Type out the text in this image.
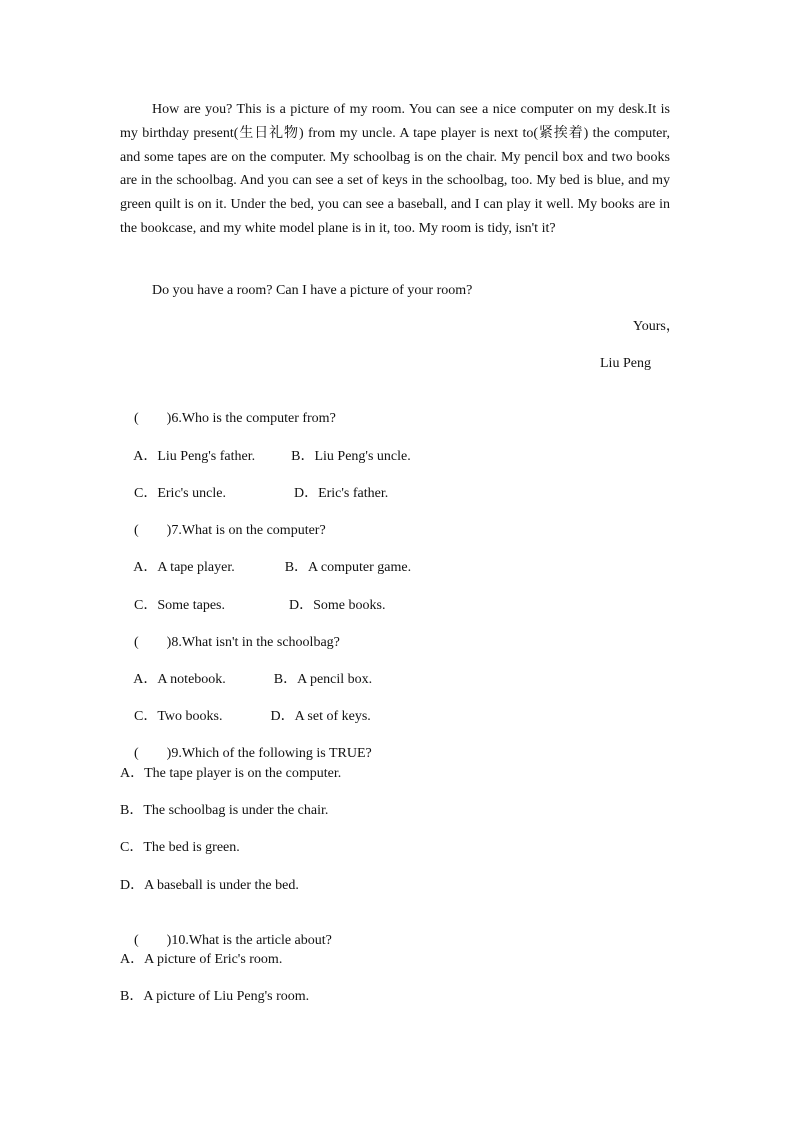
How are you? This is a picture of my room. You can see a nice computer on my desk.It is my birthday present(生日礼物) from my uncle. A tape player is next to(紧挨着) the computer, and some tapes are on the computer. My schoolbag is on the chair. My pencil box and two books are in the schoolbag. And you can see a set of keys in the schoolbag, too. My bed is blue, and my green quilt is on it. Under the bed, you can see a baseball, and I can play it well. My books are in the bookcase, and my white model plane is in it, too. My room is tidy, isn't it?

Do you have a room? Can I have a picture of your room?

Yours，
Liu Peng

(　　)6.Who is the computer from?

A．Liu Peng's father.	B．Liu Peng's uncle.

C．Eric's uncle.	D．Eric's father.

(　　)7.What is on the computer?

A．A tape player.	B．A computer game.

C．Some tapes.	D．Some books.

(　　)8.What isn't in the schoolbag?

A．A notebook.	B．A pencil box.

C．Two books.	D．A set of keys.

(　　)9.Which of the following is TRUE?

A．The tape player is on the computer.
B．The schoolbag is under the chair.
C．The bed is green.
D．A baseball is under the bed.

(　　)10.What is the article about?

A．A picture of Eric's room.
B．A picture of Liu Peng's room.
